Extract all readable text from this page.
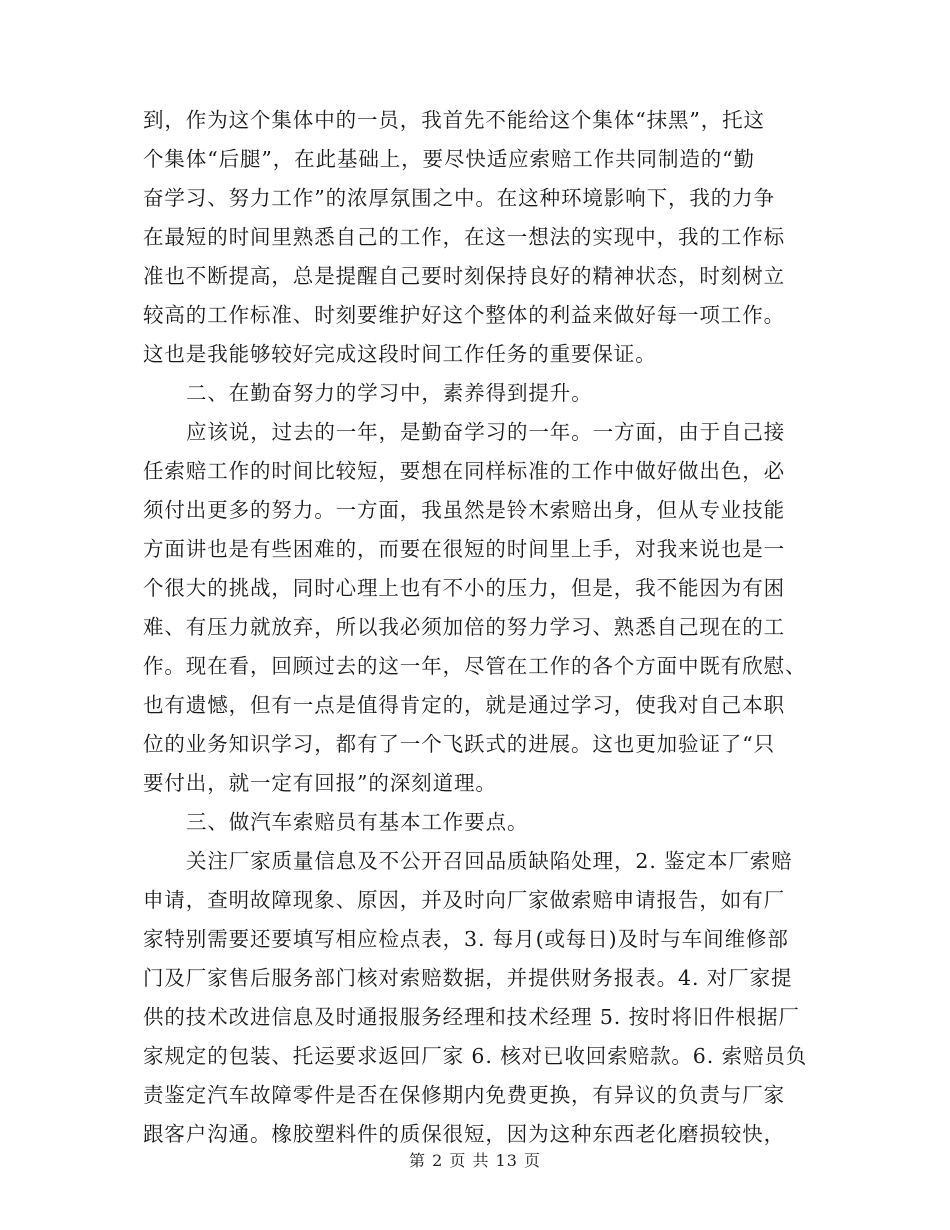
到，作为这个集体中的一员，我首先不能给这个集体“抹黑”，托这
个集体“后腿”，在此基础上，要尽快适应索赔工作共同制造的“勤
奋学习、努力工作”的浓厚氛围之中。在这种环境影响下，我的力争
在最短的时间里熟悉自己的工作，在这一想法的实现中，我的工作标
准也不断提高，总是提醒自己要时刻保持良好的精神状态，时刻树立
较高的工作标准、时刻要维护好这个整体的利益来做好每一项工作。
这也是我能够较好完成这段时间工作任务的重要保证。
二、在勤奋努力的学习中，素养得到提升。
应该说，过去的一年，是勤奋学习的一年。一方面，由于自己接
任索赔工作的时间比较短，要想在同样标准的工作中做好做出色，必
须付出更多的努力。一方面，我虽然是铃木索赔出身，但从专业技能
方面讲也是有些困难的，而要在很短的时间里上手，对我来说也是一
个很大的挑战，同时心理上也有不小的压力，但是，我不能因为有困
难、有压力就放弃，所以我必须加倍的努力学习、熟悉自己现在的工
作。现在看，回顾过去的这一年，尽管在工作的各个方面中既有欣慰、
也有遗憾，但有一点是值得肯定的，就是通过学习，使我对自己本职
位的业务知识学习，都有了一个飞跃式的进展。这也更加验证了“只
要付出，就一定有回报”的深刻道理。
三、做汽车索赔员有基本工作要点。
关注厂家质量信息及不公开召回品质缺陷处理，2. 鉴定本厂索赔
申请，查明故障现象、原因，并及时向厂家做索赔申请报告，如有厂
家特别需要还要填写相应检点表，3. 每月(或每日)及时与车间维修部
门及厂家售后服务部门核对索赔数据，并提供财务报表。4. 对厂家提
供的技术改进信息及时通报服务经理和技术经理 5. 按时将旧件根据厂
家规定的包装、托运要求返回厂家 6. 核对已收回索赔款。6. 索赔员负
责鉴定汽车故障零件是否在保修期内免费更换，有异议的负责与厂家
跟客户沟通。橡胶塑料件的质保很短，因为这种东西老化磨损较快，
第 2 页 共 13 页
